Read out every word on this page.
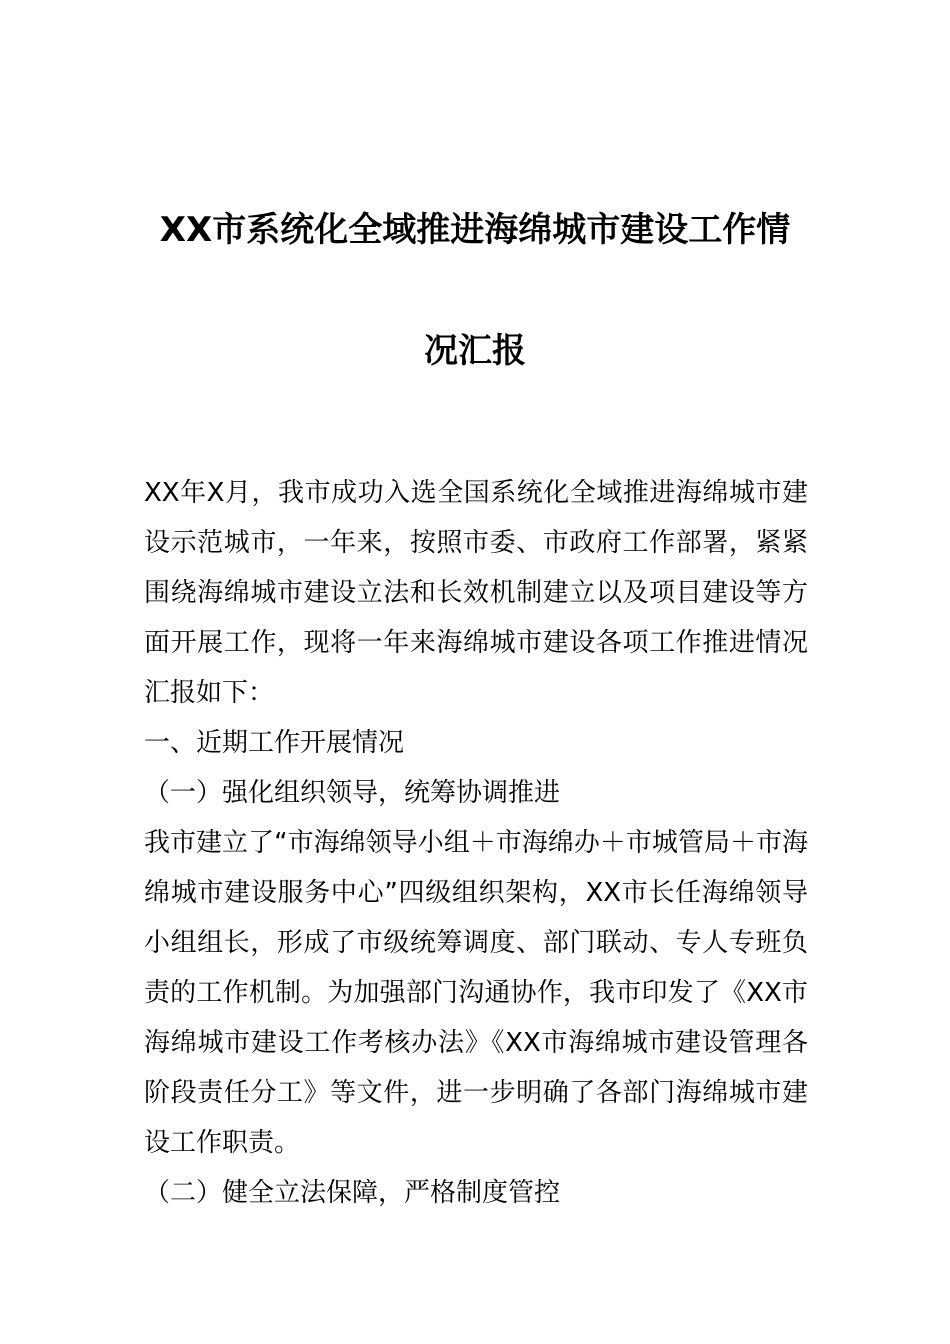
XX市系统化全域推进海绵城市建设工作情
况汇报

XX年X月，我市成功入选全国系统化全域推进海绵城市建设示范城市，一年来，按照市委、市政府工作部署，紧紧围绕海绵城市建设立法和长效机制建立以及项目建设等方面开展工作，现将一年来海绵城市建设各项工作推进情况汇报如下：

一、近期工作开展情况

（一）强化组织领导，统筹协调推进

我市建立了“市海绵领导小组＋市海绵办＋市城管局＋市海绵城市建设服务中心”四级组织架构，XX市长任海绵领导小组组长，形成了市级统筹调度、部门联动、专人专班负责的工作机制。为加强部门沟通协作，我市印发了《XX市海绵城市建设工作考核办法》《XX市海绵城市建设管理各阶段责任分工》等文件，进一步明确了各部门海绵城市建设工作职责。

（二）健全立法保障，严格制度管控
